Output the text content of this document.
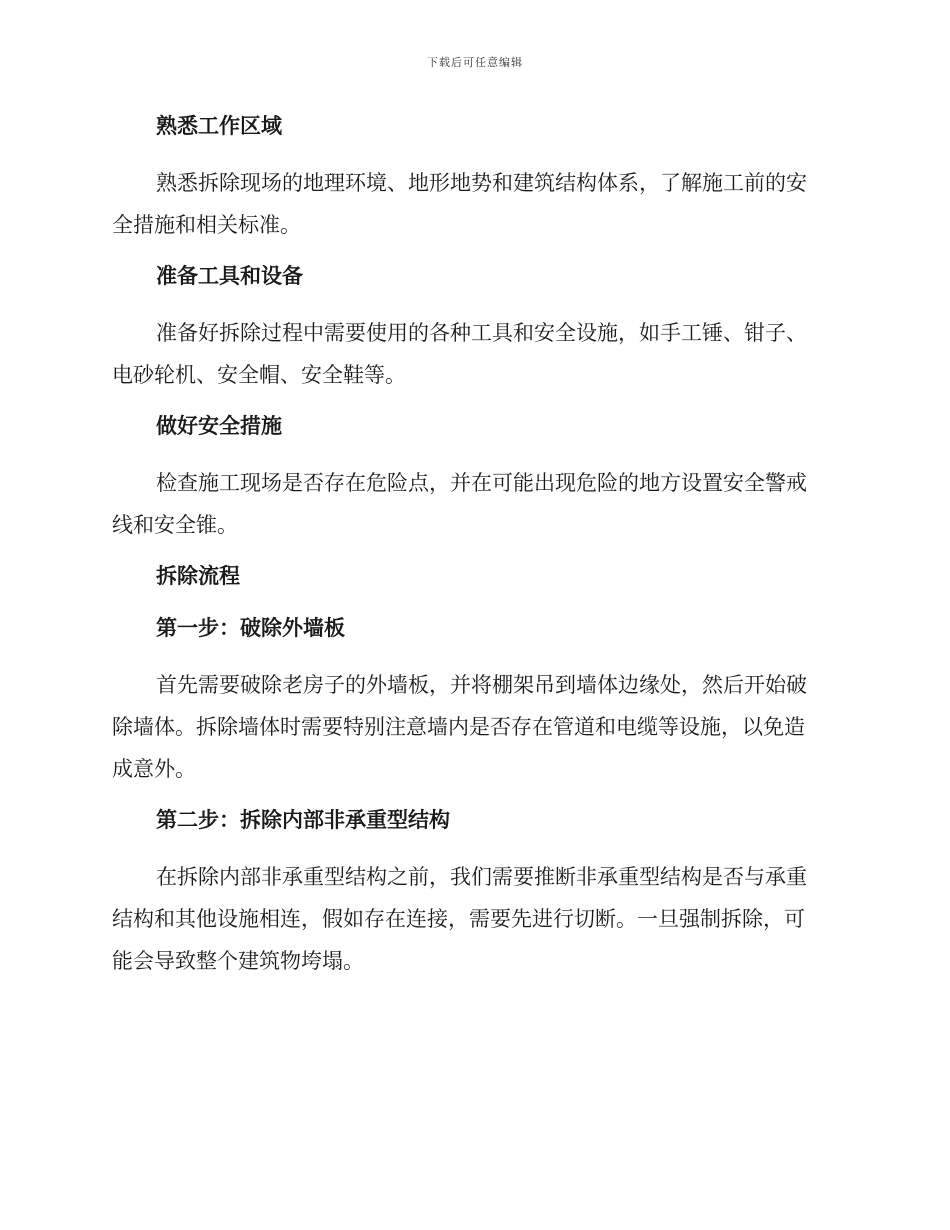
下载后可任意编辑
熟悉工作区域

熟悉拆除现场的地理环境、地形地势和建筑结构体系，了解施工前的安
全措施和相关标准。

准备工具和设备

准备好拆除过程中需要使用的各种工具和安全设施，如手工锤、钳子、
电砂轮机、安全帽、安全鞋等。

做好安全措施

检查施工现场是否存在危险点，并在可能出现危险的地方设置安全警戒
线和安全锥。

拆除流程
第一步：破除外墙板

首先需要破除老房子的外墙板，并将棚架吊到墙体边缘处，然后开始破
除墙体。拆除墙体时需要特别注意墙内是否存在管道和电缆等设施，以免造
成意外。

第二步：拆除内部非承重型结构

在拆除内部非承重型结构之前，我们需要推断非承重型结构是否与承重
结构和其他设施相连，假如存在连接，需要先进行切断。一旦强制拆除，可
能会导致整个建筑物垮塌。
